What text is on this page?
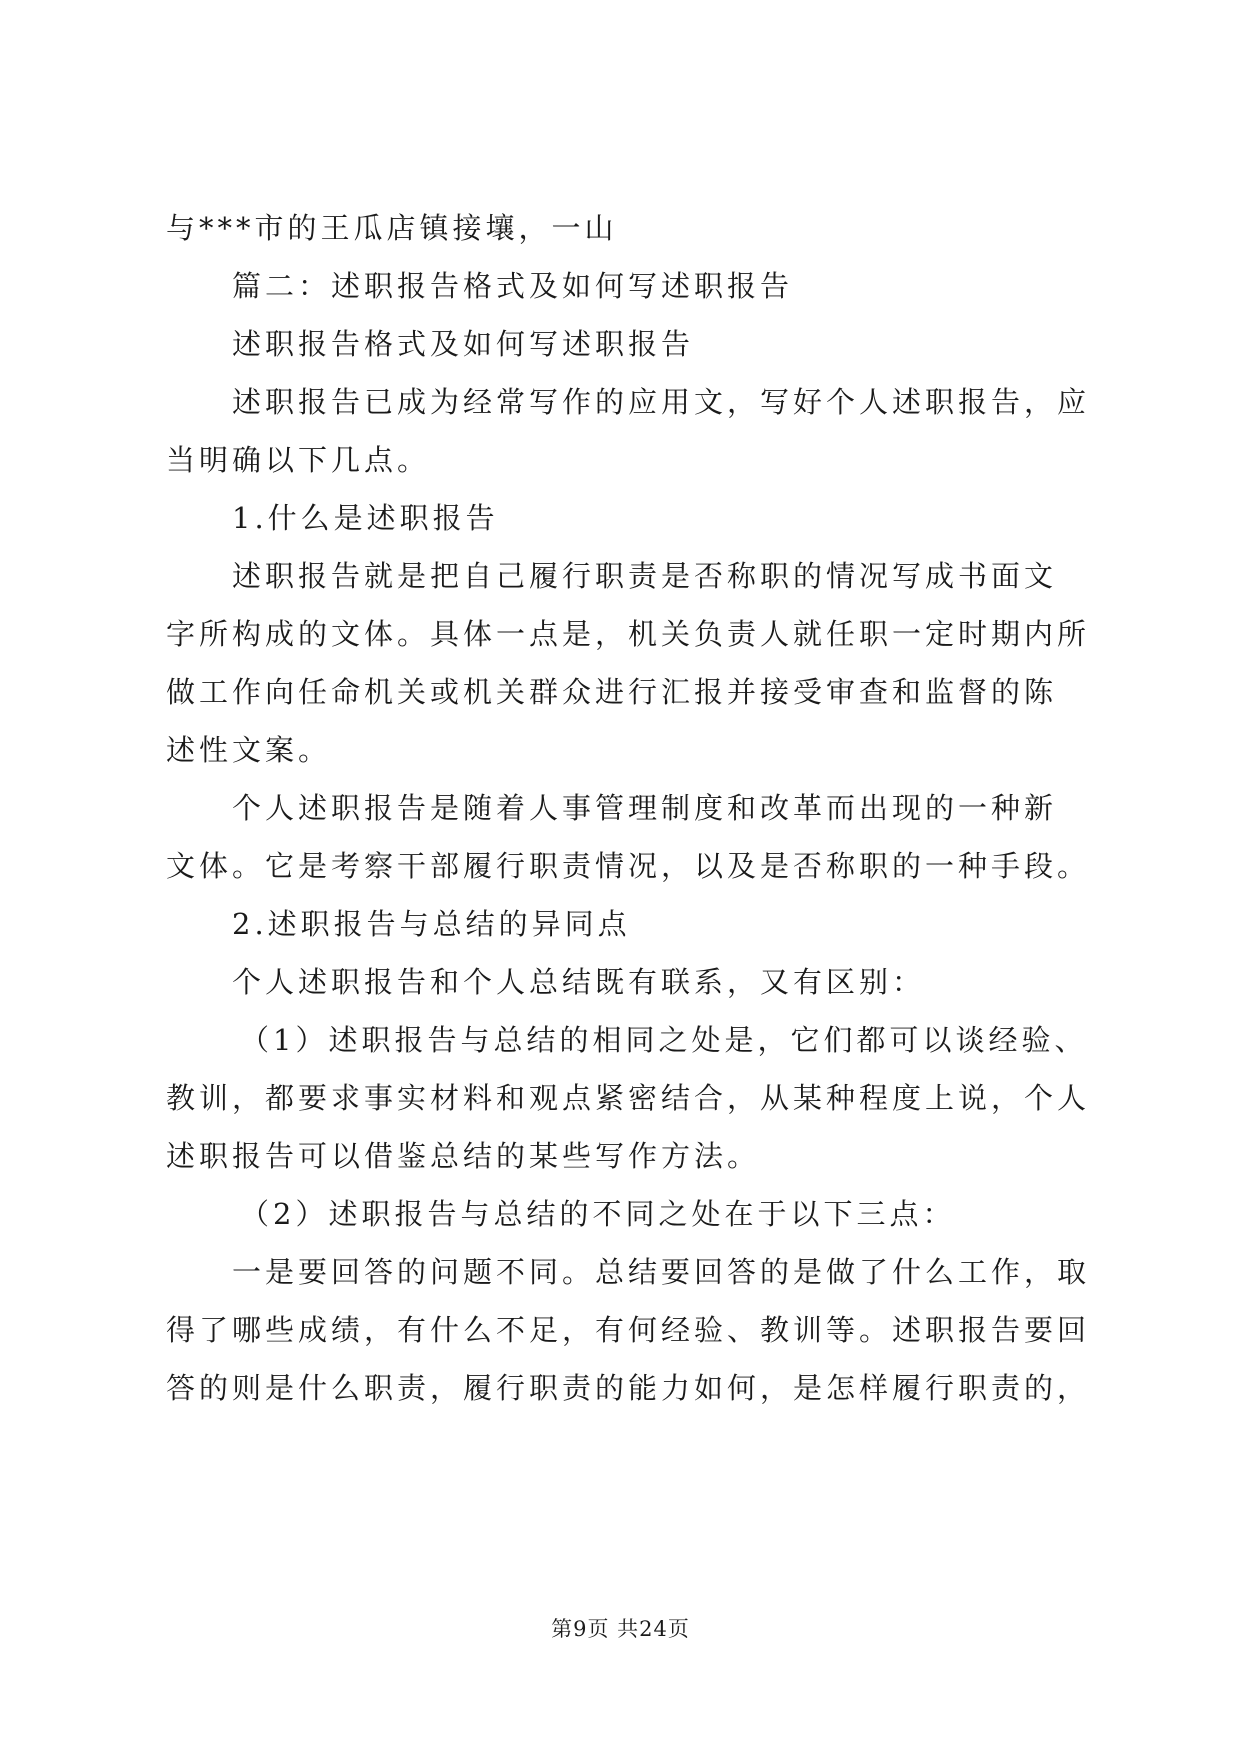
与***市的王瓜店镇接壤，一山
篇二：述职报告格式及如何写述职报告
述职报告格式及如何写述职报告
述职报告已成为经常写作的应用文，写好个人述职报告，应
当明确以下几点。
1.什么是述职报告
述职报告就是把自己履行职责是否称职的情况写成书面文
字所构成的文体。具体一点是，机关负责人就任职一定时期内所
做工作向任命机关或机关群众进行汇报并接受审查和监督的陈
述性文案。
个人述职报告是随着人事管理制度和改革而出现的一种新
文体。它是考察干部履行职责情况，以及是否称职的一种手段。
2.述职报告与总结的异同点
个人述职报告和个人总结既有联系，又有区别：
（1）述职报告与总结的相同之处是，它们都可以谈经验、
教训，都要求事实材料和观点紧密结合，从某种程度上说，个人
述职报告可以借鉴总结的某些写作方法。
（2）述职报告与总结的不同之处在于以下三点：
一是要回答的问题不同。总结要回答的是做了什么工作，取
得了哪些成绩，有什么不足，有何经验、教训等。述职报告要回
答的则是什么职责，履行职责的能力如何，是怎样履行职责的，
第9页 共24页
